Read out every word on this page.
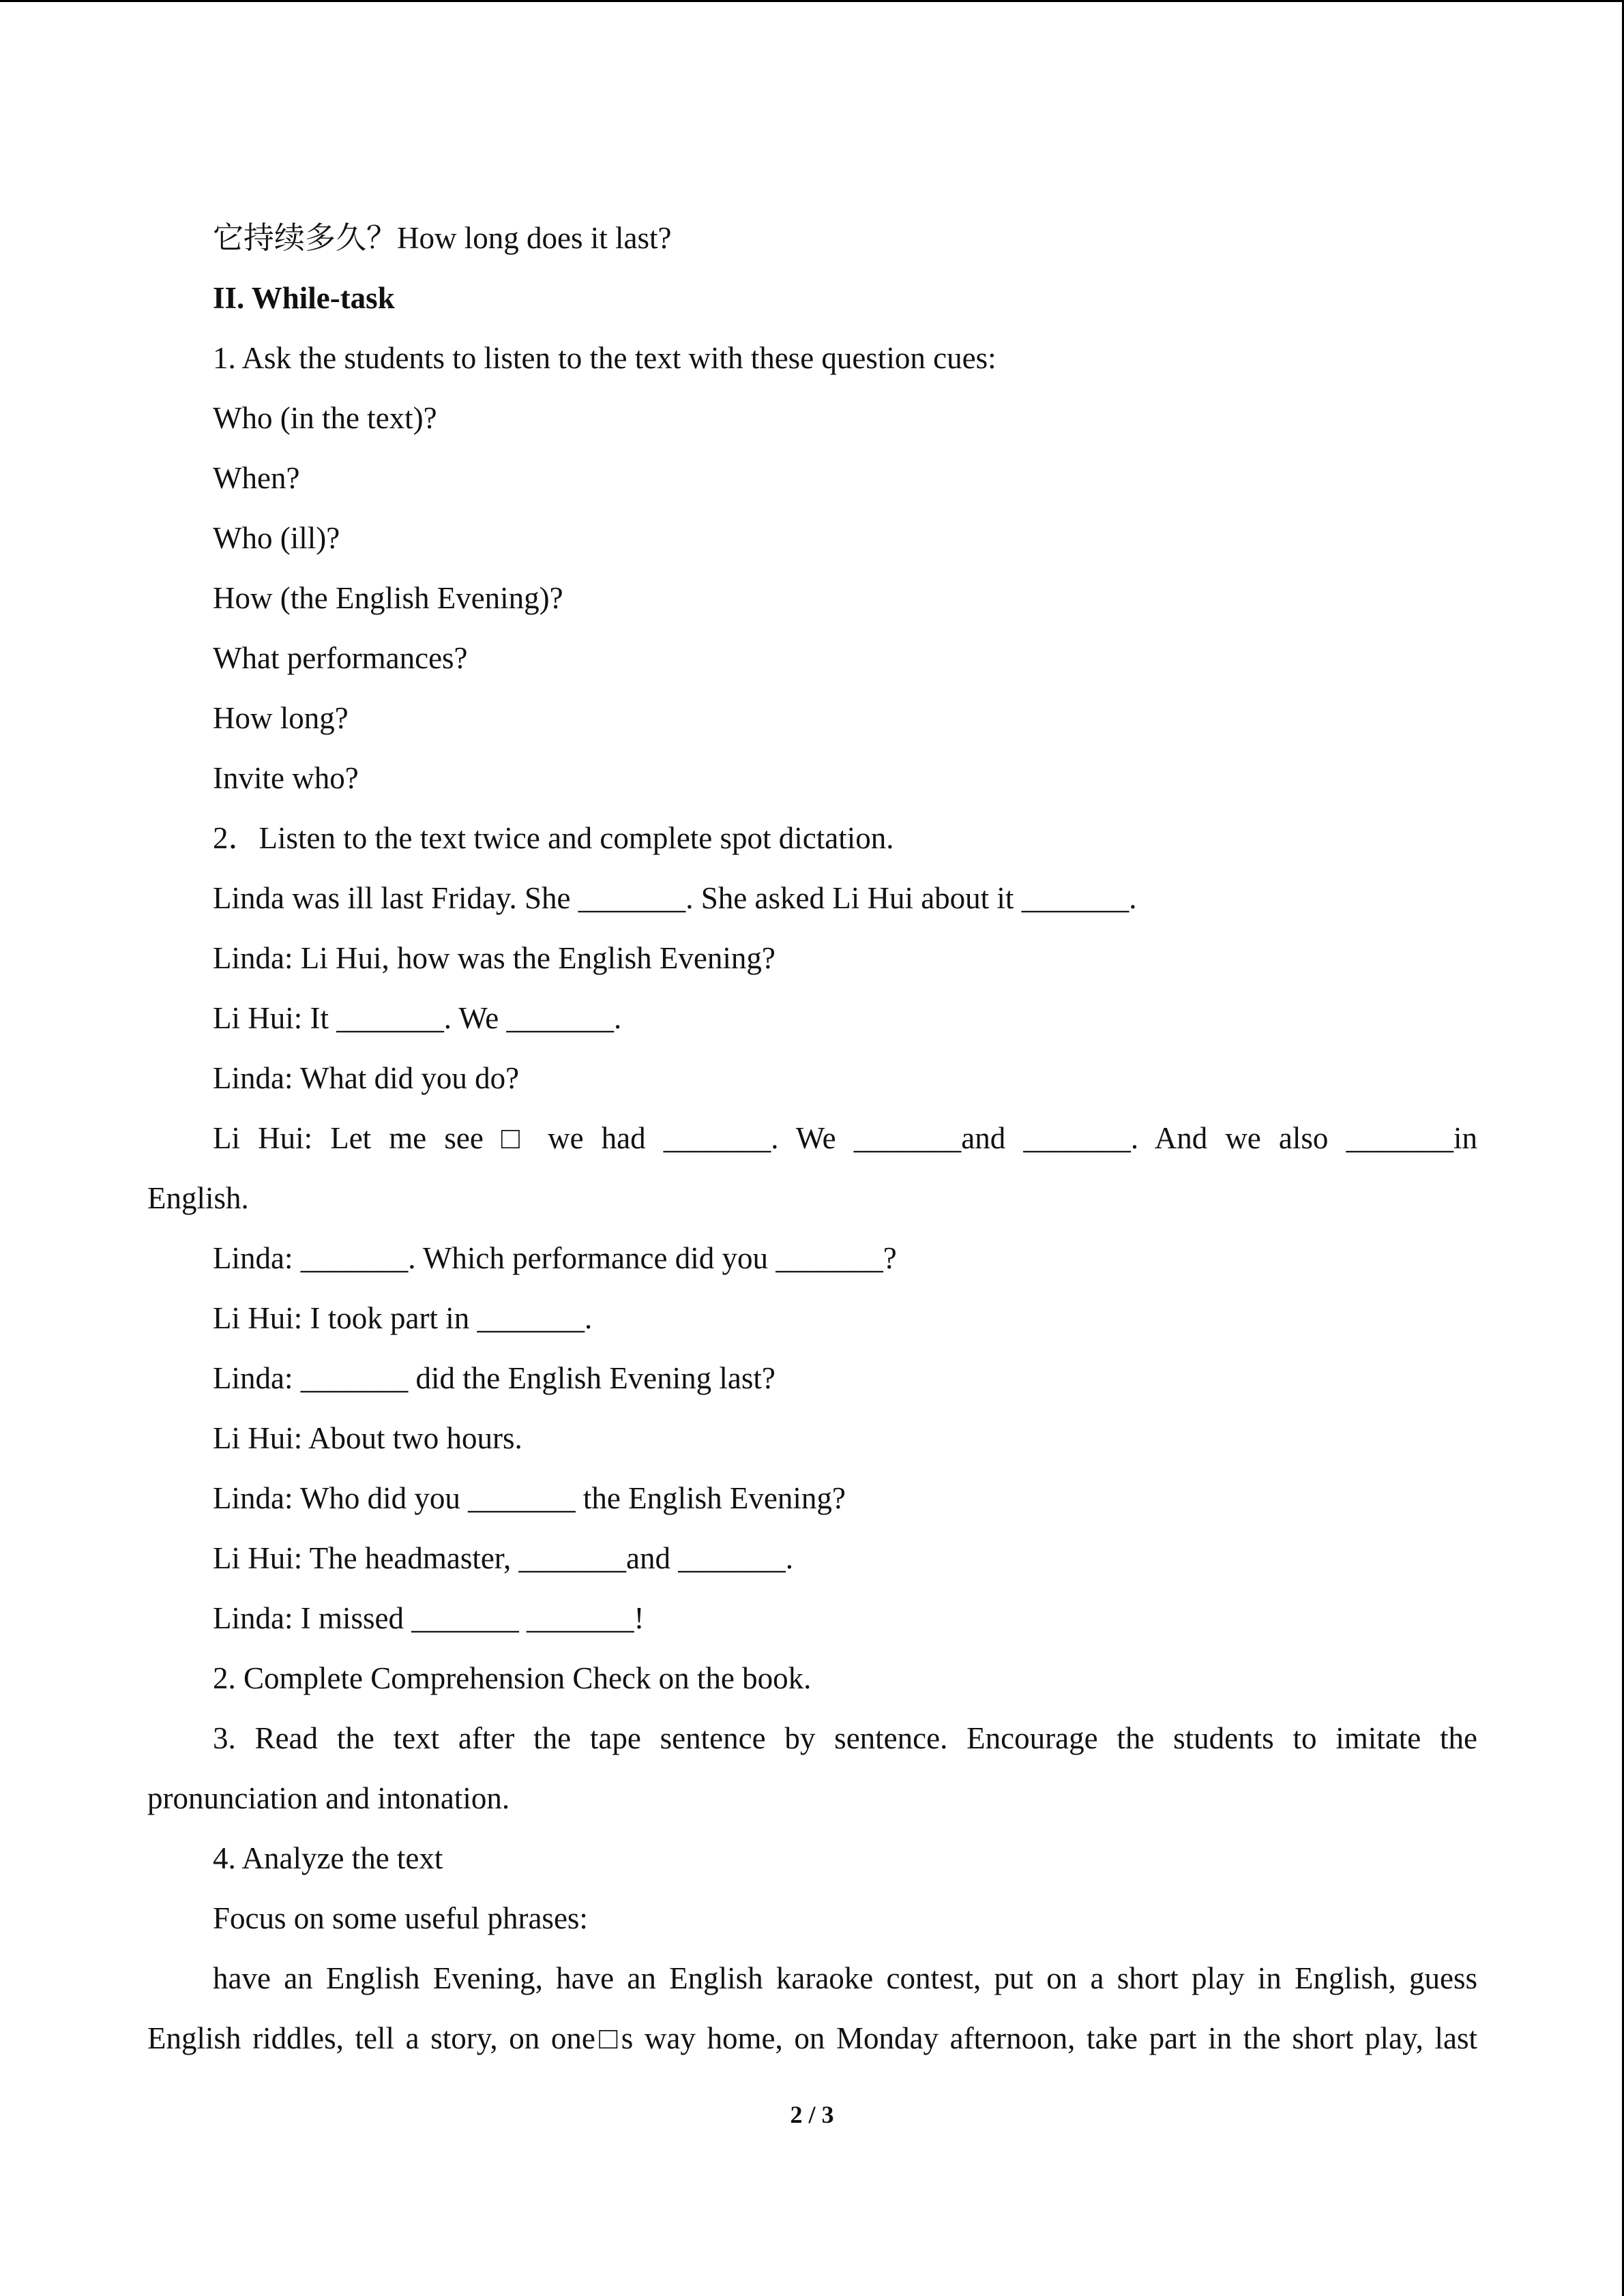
它持续多久？How long does it last?

II. While-task

1. Ask the students to listen to the text with these question cues:

Who (in the text)?

When?

Who (ill)?

How (the English Evening)?

What performances?

How long?

Invite who?

2．Listen to the text twice and complete spot dictation.

Linda was ill last Friday. She _______. She asked Li Hui about it _______.

Linda: Li Hui, how was the English Evening?

Li Hui: It _______. We _______.

Linda: What did you do?

Li Hui: Let me see □ we had _______. We _______and _______. And we also _______in

English.

Linda: _______. Which performance did you _______?

Li Hui: I took part in _______.

Linda: _______ did the English Evening last?

Li Hui: About two hours.

Linda: Who did you _______ the English Evening?

Li Hui: The headmaster, _______and _______.

Linda: I missed _______ _______!

2. Complete Comprehension Check on the book.

3. Read the text after the tape sentence by sentence. Encourage the students to imitate the

pronunciation and intonation.

4. Analyze the text

Focus on some useful phrases:

have an English Evening, have an English karaoke contest, put on a short play in English, guess

English riddles, tell a story, on one□s way home, on Monday afternoon, take part in the short play, last

2 / 3
